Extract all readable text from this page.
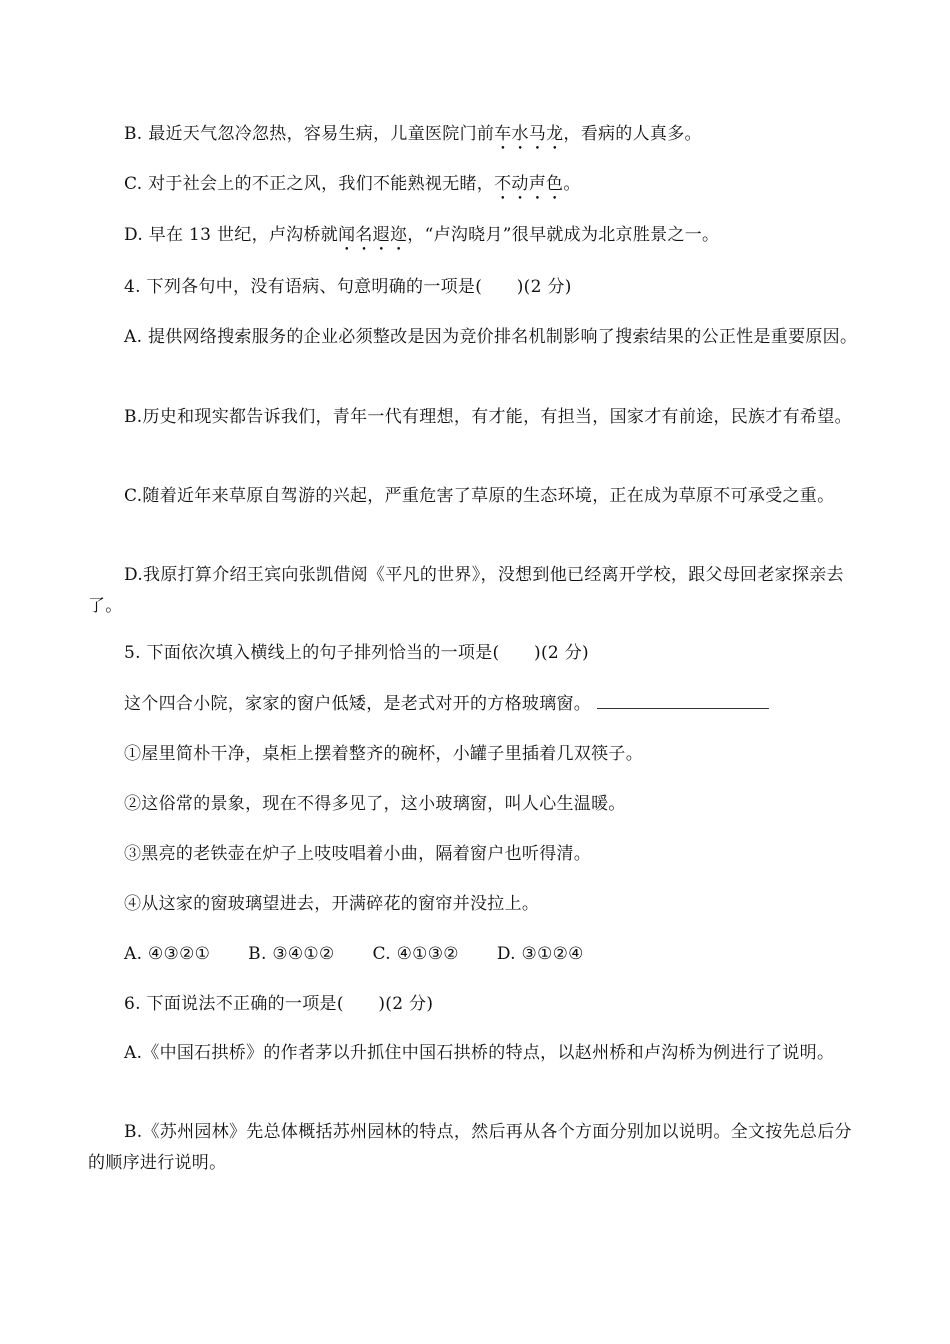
B. 最近天气忽冷忽热，容易生病，儿童医院门前车水马龙，看病的人真多。
C. 对于社会上的不正之风，我们不能熟视无睹，不动声色。
D. 早在 13 世纪，卢沟桥就闻名遐迩，“卢沟晓月”很早就成为北京胜景之一。
4. 下列各句中，没有语病、句意明确的一项是(　　)(2 分)
A. 提供网络搜索服务的企业必须整改是因为竞价排名机制影响了搜索结果的公正性是重要原因。
B.历史和现实都告诉我们，青年一代有理想，有才能，有担当，国家才有前途，民族才有希望。
C.随着近年来草原自驾游的兴起，严重危害了草原的生态环境，正在成为草原不可承受之重。
D.我原打算介绍王宾向张凯借阅《平凡的世界》，没想到他已经离开学校，跟父母回老家探亲去了。
5. 下面依次填入横线上的句子排列恰当的一项是(　　)(2 分)
这个四合小院，家家的窗户低矮，是老式对开的方格玻璃窗。
①屋里简朴干净，桌柜上摆着整齐的碗杯，小罐子里插着几双筷子。
②这俗常的景象，现在不得多见了，这小玻璃窗，叫人心生温暖。
③黑亮的老铁壶在炉子上吱吱唱着小曲，隔着窗户也听得清。
④从这家的窗玻璃望进去，开满碎花的窗帘并没拉上。
A. ④③②① B. ③④①② C. ④①③② D. ③①②④
6. 下面说法不正确的一项是(　　)(2 分)
A.《中国石拱桥》的作者茅以升抓住中国石拱桥的特点，以赵州桥和卢沟桥为例进行了说明。
B.《苏州园林》先总体概括苏州园林的特点，然后再从各个方面分别加以说明。全文按先总后分的顺序进行说明。
